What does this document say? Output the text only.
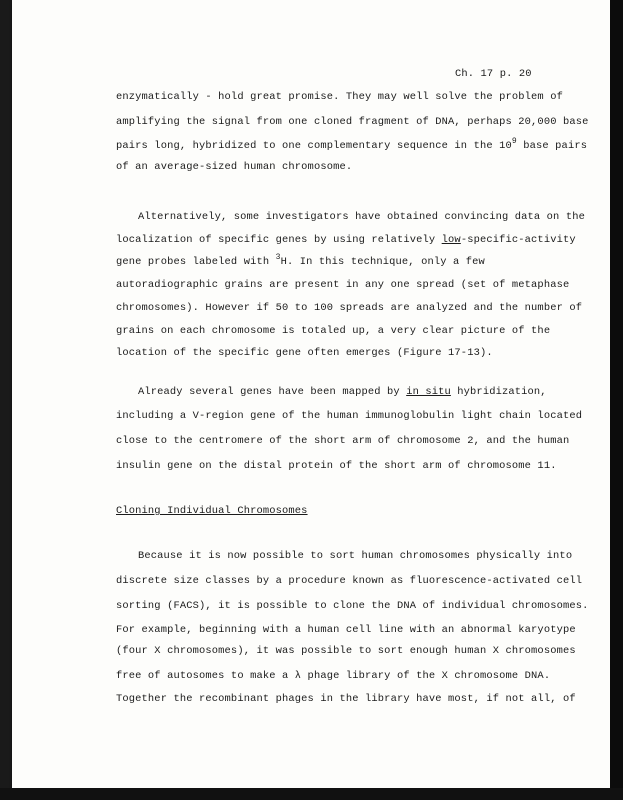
Ch. 17 p. 20
enzymatically - hold great promise. They may well solve the problem of
amplifying the signal from one cloned fragment of DNA, perhaps 20,000 base
pairs long, hybridized to one complementary sequence in the $10^9$ base pairs
of an average-sized human chromosome.
Alternatively, some investigators have obtained convincing data on the
localization of specific genes by using relatively low-specific-activity
gene probes labeled with $^3$H. In this technique, only a few
autoradiographic grains are present in any one spread (set of metaphase
chromosomes). However if 50 to 100 spreads are analyzed and the number of
grains on each chromosome is totaled up, a very clear picture of the
location of the specific gene often emerges (Figure 17-13).
Already several genes have been mapped by in situ hybridization,
including a V-region gene of the human immunoglobulin light chain located
close to the centromere of the short arm of chromosome 2, and the human
insulin gene on the distal protein of the short arm of chromosome 11.
Cloning Individual Chromosomes
Because it is now possible to sort human chromosomes physically into
discrete size classes by a procedure known as fluorescence-activated cell
sorting (FACS), it is possible to clone the DNA of individual chromosomes.
For example, beginning with a human cell line with an abnormal karyotype
(four X chromosomes), it was possible to sort enough human X chromosomes
free of autosomes to make a λ phage library of the X chromosome DNA.
Together the recombinant phages in the library have most, if not all, of
